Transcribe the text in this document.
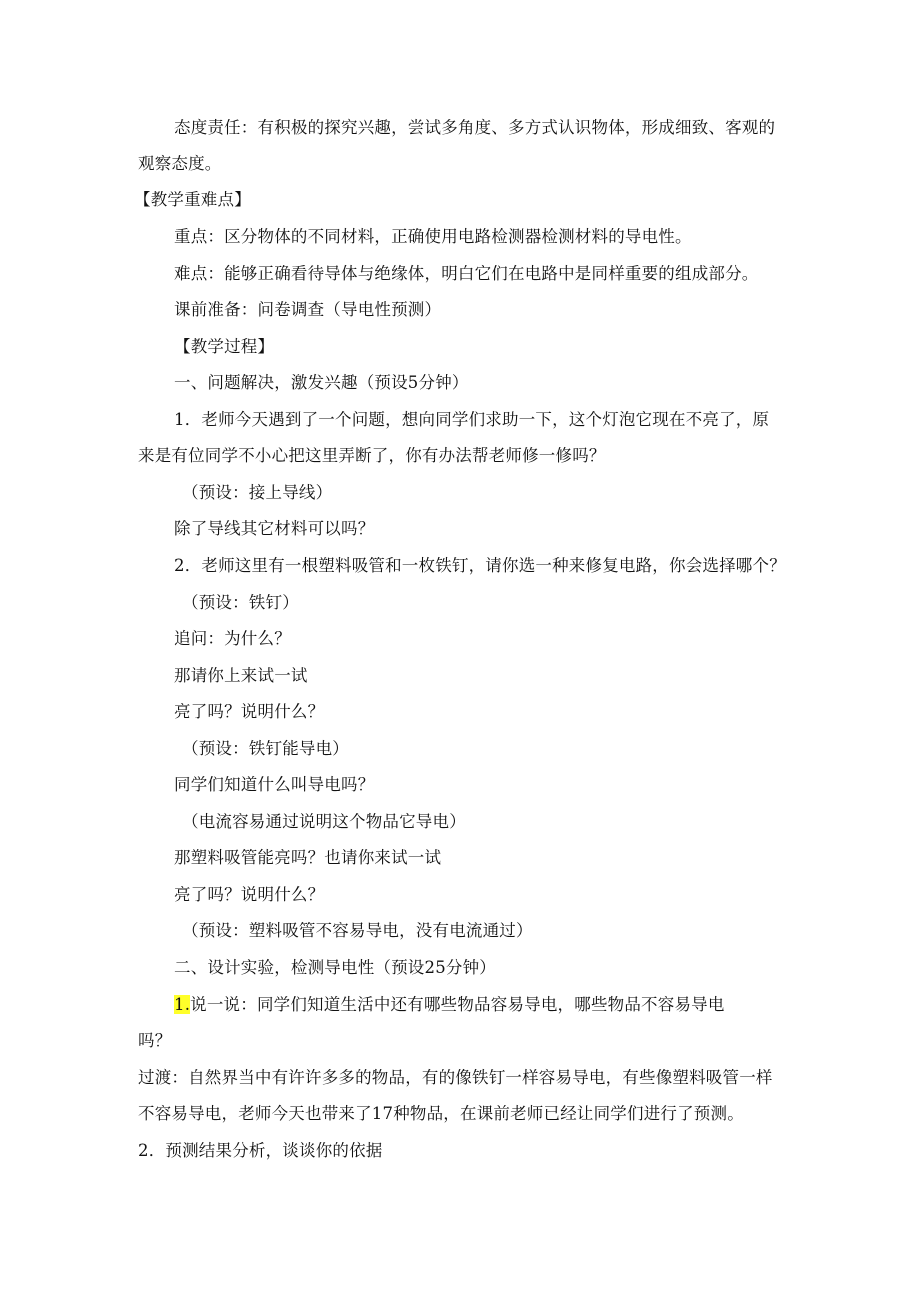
态度责任：有积极的探究兴趣，尝试多角度、多方式认识物体，形成细致、客观的
观察态度。
【教学重难点】
重点：区分物体的不同材料，正确使用电路检测器检测材料的导电性。
难点：能够正确看待导体与绝缘体，明白它们在电路中是同样重要的组成部分。
课前准备：问卷调查（导电性预测）
【教学过程】
一、问题解决，激发兴趣（预设5分钟）
1．老师今天遇到了一个问题，想向同学们求助一下，这个灯泡它现在不亮了，原
来是有位同学不小心把这里弄断了，你有办法帮老师修一修吗？
（预设：接上导线）
除了导线其它材料可以吗？
2．老师这里有一根塑料吸管和一枚铁钉，请你选一种来修复电路，你会选择哪个？
（预设：铁钉）
追问：为什么？
那请你上来试一试
亮了吗？说明什么？
（预设：铁钉能导电）
同学们知道什么叫导电吗？
（电流容易通过说明这个物品它导电）
那塑料吸管能亮吗？也请你来试一试
亮了吗？说明什么？
（预设：塑料吸管不容易导电，没有电流通过）
二、设计实验，检测导电性（预设25分钟）
1.说一说：同学们知道生活中还有哪些物品容易导电，哪些物品不容易导电
吗？
过渡：自然界当中有许许多多的物品，有的像铁钉一样容易导电，有些像塑料吸管一样
不容易导电，老师今天也带来了17种物品，在课前老师已经让同学们进行了预测。
2．预测结果分析，谈谈你的依据
